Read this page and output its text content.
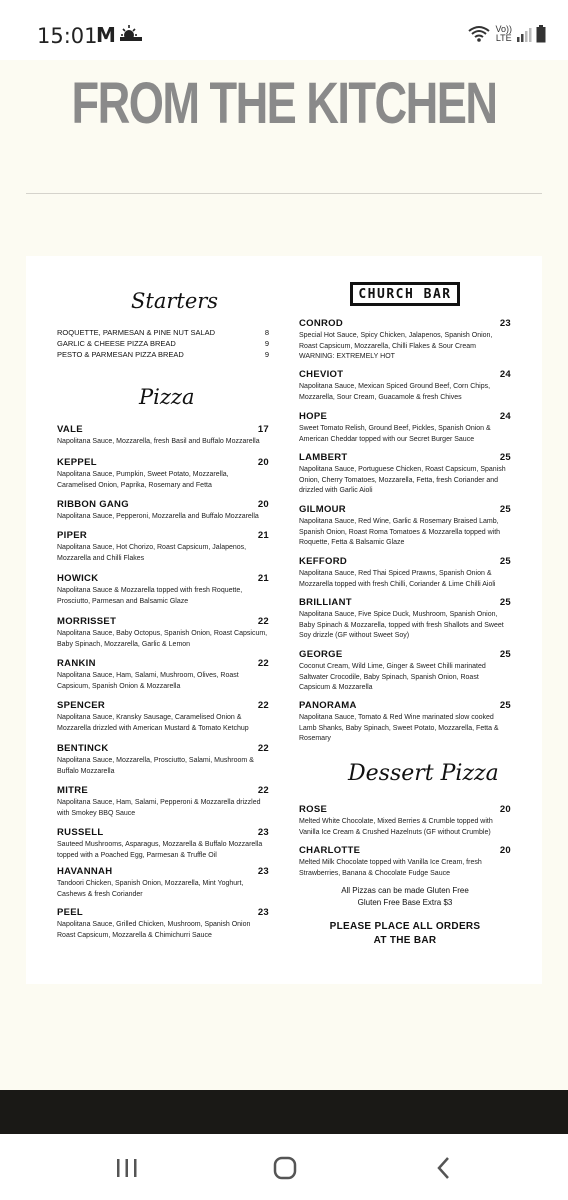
15:01
M	Vo))
LTE
FROM THE KITCHEN
Starters
ROQUETTE, PARMESAN & PINE NUT SALAD	8
GARLIC & CHEESE PIZZA BREAD	9
PESTO & PARMESAN PIZZA BREAD	9
Pizza
VALE	17
Napolitana Sauce, Mozzarella, fresh Basil and Buffalo Mozzarella
KEPPEL	20
Napolitana Sauce, Pumpkin, Sweet Potato, Mozzarella, Caramelised Onion, Paprika, Rosemary and Fetta
RIBBON GANG	20
Napolitana Sauce, Pepperoni, Mozzarella and Buffalo Mozzarella
PIPER	21
Napolitana Sauce, Hot Chorizo, Roast Capsicum, Jalapenos, Mozzarella and Chilli Flakes
HOWICK	21
Napolitana Sauce & Mozzarella topped with fresh Roquette, Prosciutto, Parmesan and Balsamic Glaze
MORRISSET	22
Napolitana Sauce, Baby Octopus, Spanish Onion, Roast Capsicum, Baby Spinach, Mozzarella, Garlic & Lemon
RANKIN	22
Napolitana Sauce, Ham, Salami, Mushroom, Olives, Roast Capsicum, Spanish Onion & Mozzarella
SPENCER	22
Napolitana Sauce, Kransky Sausage, Caramelised Onion & Mozzarella drizzled with American Mustard & Tomato Ketchup
BENTINCK	22
Napolitana Sauce, Mozzarella, Prosciutto, Salami, Mushroom & Buffalo Mozzarella
MITRE	22
Napolitana Sauce, Ham, Salami, Pepperoni & Mozzarella drizzled with Smokey BBQ Sauce
RUSSELL	23
Sauteed Mushrooms, Asparagus, Mozzarella & Buffalo Mozzarella topped with a Poached Egg, Parmesan & Truffle Oil
HAVANNAH	23
Tandoori Chicken, Spanish Onion, Mozzarella, Mint Yoghurt, Cashews & fresh Coriander
PEEL	23
Napolitana Sauce, Grilled Chicken, Mushroom, Spanish Onion Roast Capsicum, Mozzarella & Chimichurri Sauce
CHURCH BAR
CONROD	23
Special Hot Sauce, Spicy Chicken, Jalapenos, Spanish Onion, Roast Capsicum, Mozzarella, Chilli Flakes & Sour Cream WARNING: EXTREMELY HOT
CHEVIOT	24
Napolitana Sauce, Mexican Spiced Ground Beef, Corn Chips, Mozzarella, Sour Cream, Guacamole & fresh Chives
HOPE	24
Sweet Tomato Relish, Ground Beef, Pickles, Spanish Onion & American Cheddar topped with our Secret Burger Sauce
LAMBERT	25
Napolitana Sauce, Portuguese Chicken, Roast Capsicum, Spanish Onion, Cherry Tomatoes, Mozzarella, Fetta, fresh Coriander and drizzled with Garlic Aioli
GILMOUR	25
Napolitana Sauce, Red Wine, Garlic & Rosemary Braised Lamb, Spanish Onion, Roast Roma Tomatoes & Mozzarella topped with Roquette, Fetta & Balsamic Glaze
KEFFORD	25
Napolitana Sauce, Red Thai Spiced Prawns, Spanish Onion & Mozzarella topped with fresh Chilli, Coriander & Lime Chilli Aioli
BRILLIANT	25
Napolitana Sauce, Five Spice Duck, Mushroom, Spanish Onion, Baby Spinach & Mozzarella, topped with fresh Shallots and Sweet Soy drizzle (GF without Sweet Soy)
GEORGE	25
Coconut Cream, Wild Lime, Ginger & Sweet Chilli marinated Saltwater Crocodile, Baby Spinach, Spanish Onion, Roast Capsicum & Mozzarella
PANORAMA	25
Napolitana Sauce, Tomato & Red Wine marinated slow cooked Lamb Shanks, Baby Spinach, Sweet Potato, Mozzarella, Fetta & Rosemary
Dessert Pizza
ROSE	20
Melted White Chocolate, Mixed Berries & Crumble topped with Vanilla Ice Cream & Crushed Hazelnuts (GF without Crumble)
CHARLOTTE	20
Melted Milk Chocolate topped with Vanilla Ice Cream, fresh Strawberries, Banana & Chocolate Fudge Sauce
All Pizzas can be made Gluten Free
Gluten Free Base Extra $3
PLEASE PLACE ALL ORDERS
AT THE BAR
